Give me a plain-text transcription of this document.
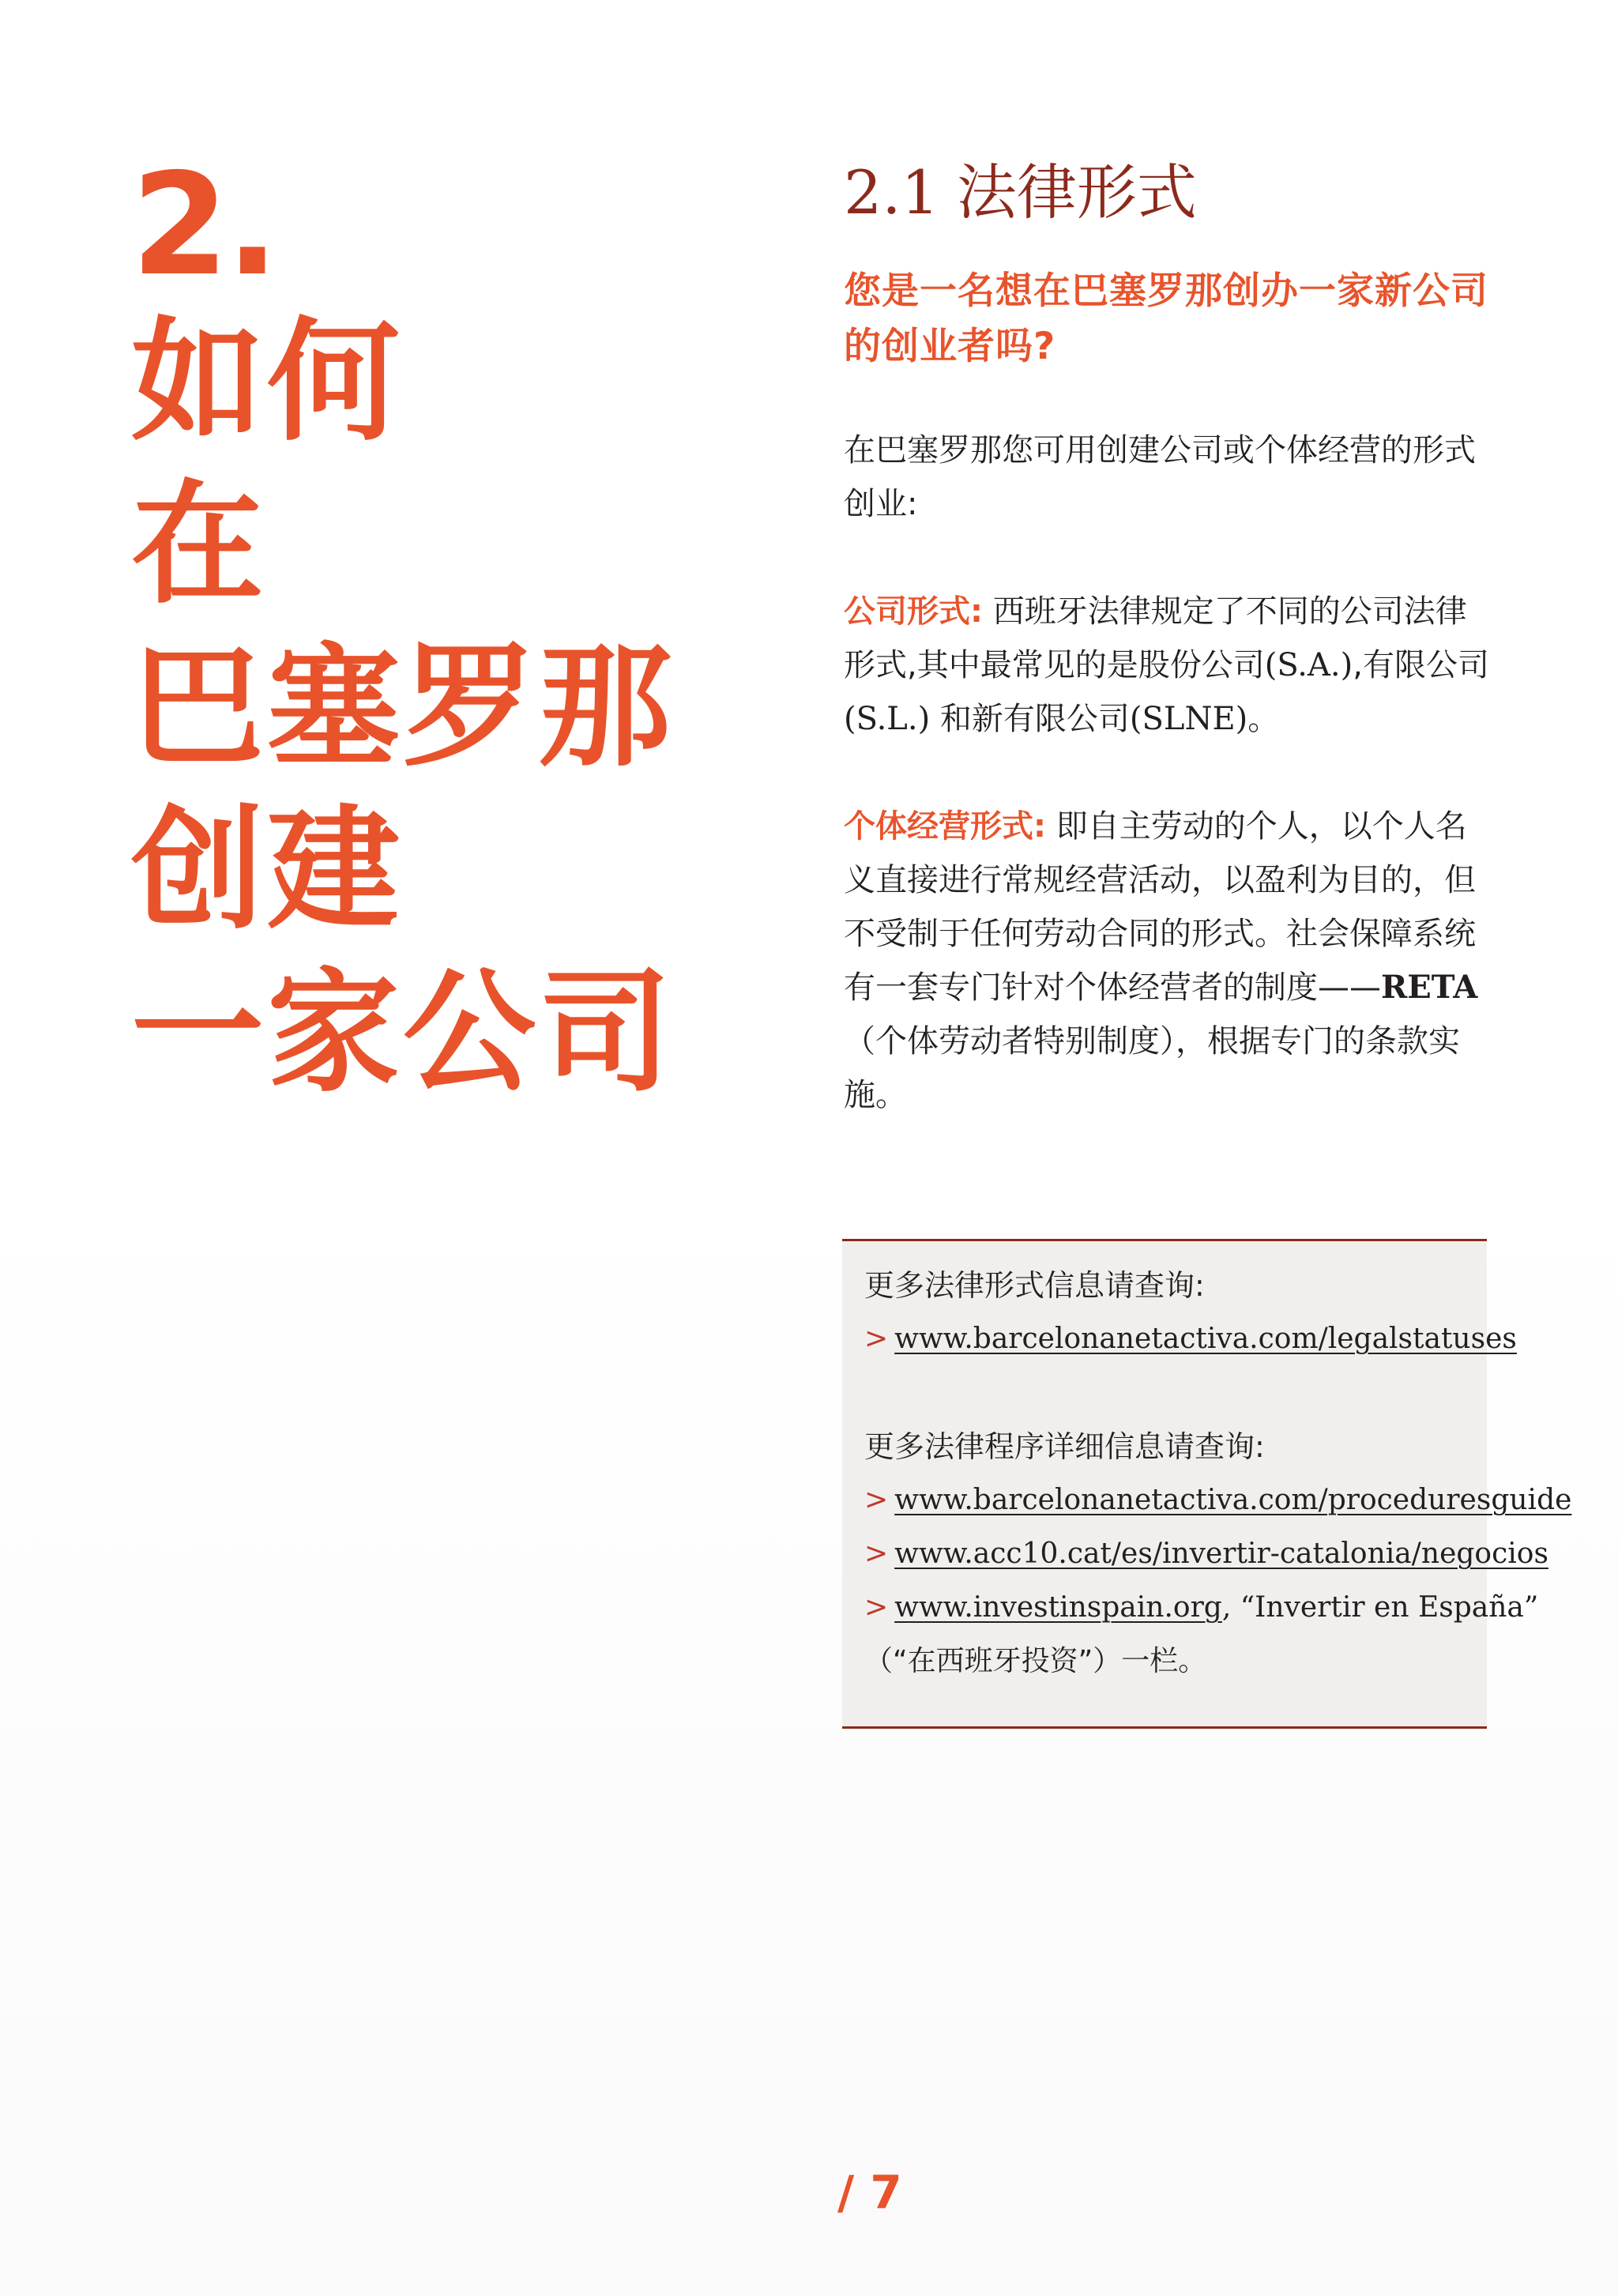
2.
如何
在
巴塞罗那
创建
一家公司
2.1 法律形式

您是一名想在巴塞罗那创办一家新公司的创业者吗?

在巴塞罗那您可用创建公司或个体经营的形式创业:

公司形式: 西班牙法律规定了不同的公司法律形式,其中最常见的是股份公司(S.A.),有限公司(S.L.) 和新有限公司(SLNE)。

个体经营形式: 即自主劳动的个人，以个人名义直接进行常规经营活动，以盈利为目的，但不受制于任何劳动合同的形式。社会保障系统有一套专门针对个体经营者的制度——RETA（个体劳动者特别制度），根据专门的条款实施。

更多法律形式信息请查询:

> www.barcelonanetactiva.com/legalstatuses

更多法律程序详细信息请查询:

> www.barcelonanetactiva.com/proceduresguide

> www.acc10.cat/es/invertir-catalonia/negocios

> www.investinspain.org, “Invertir en España”

（“在西班牙投资”）一栏。

/ 7
